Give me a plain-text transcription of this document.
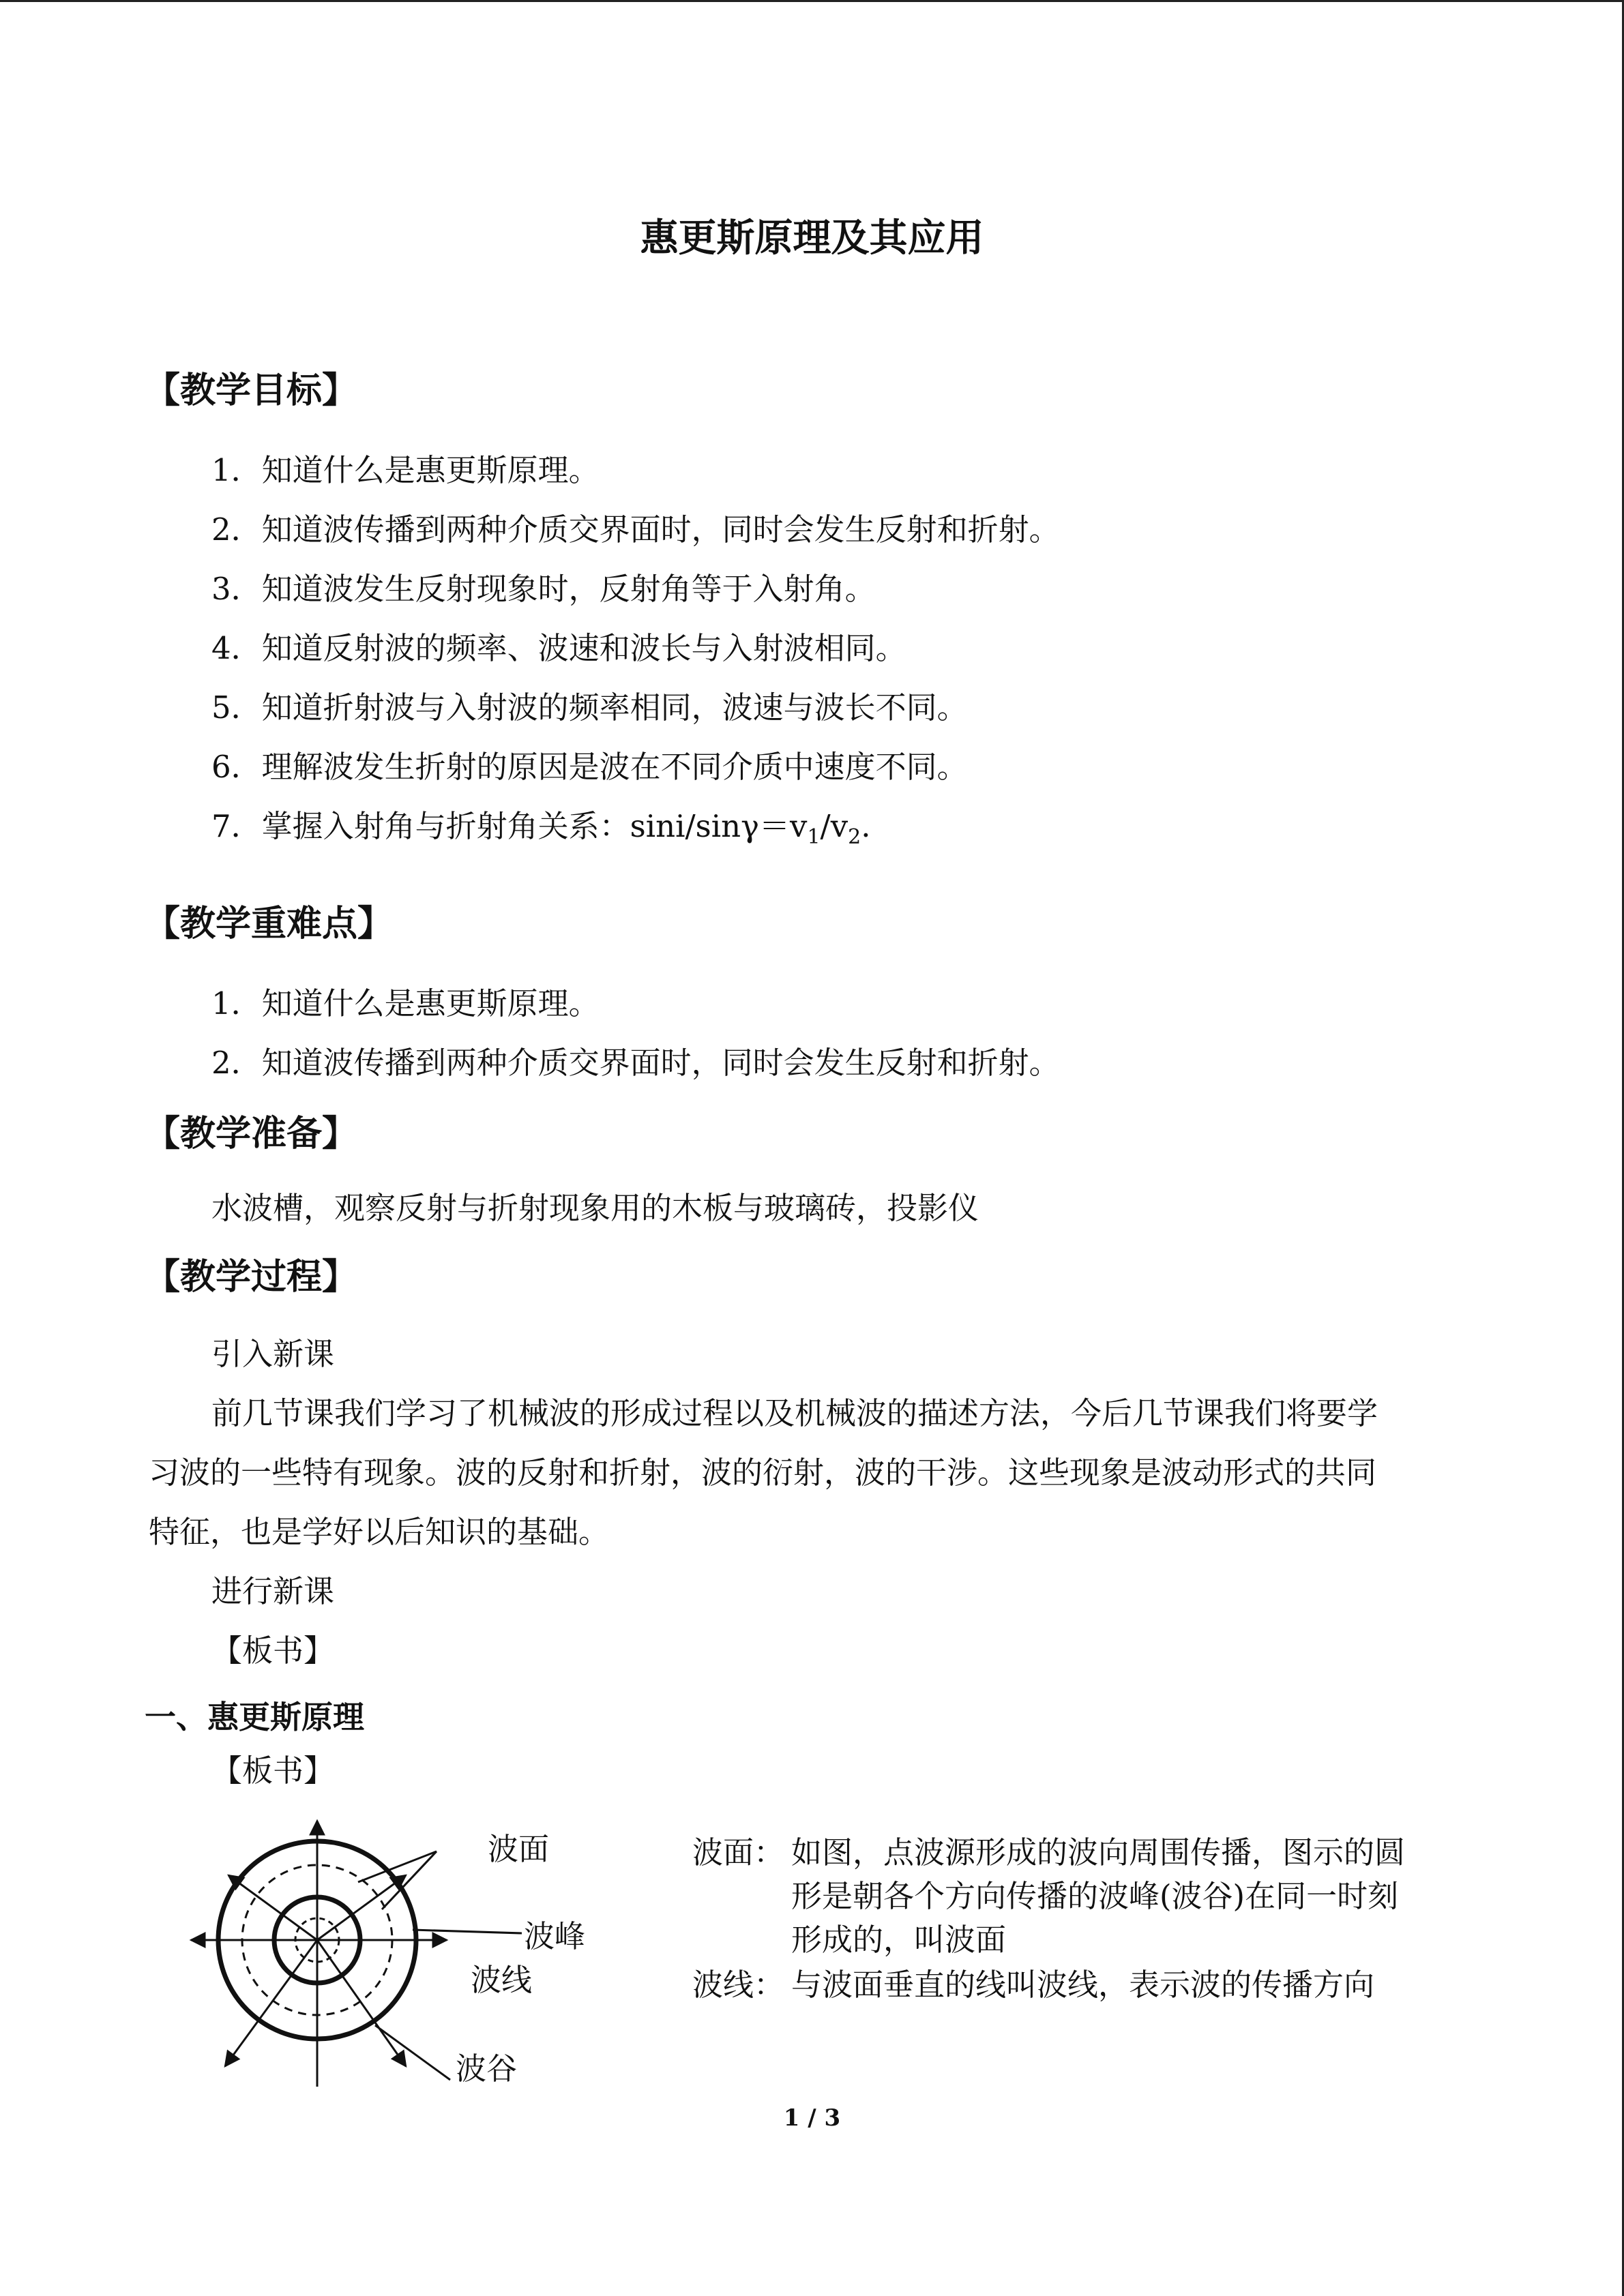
惠更斯原理及其应用
【教学目标】
1．知道什么是惠更斯原理。
2．知道波传播到两种介质交界面时，同时会发生反射和折射。
3．知道波发生反射现象时，反射角等于入射角。
4．知道反射波的频率、波速和波长与入射波相同。
5．知道折射波与入射波的频率相同，波速与波长不同。
6．理解波发生折射的原因是波在不同介质中速度不同。
7．掌握入射角与折射角关系：sini/$\sin\gamma=v_1/v_2$.
【教学重难点】
1．知道什么是惠更斯原理。
2．知道波传播到两种介质交界面时，同时会发生反射和折射。
【教学准备】
水波槽，观察反射与折射现象用的木板与玻璃砖，投影仪
【教学过程】
引入新课
前几节课我们学习了机械波的形成过程以及机械波的描述方法，今后几节课我们将要学
习波的一些特有现象。波的反射和折射，波的衍射，波的干涉。这些现象是波动形式的共同
特征，也是学好以后知识的基础。
进行新课
【板书】
一、惠更斯原理
【板书】
波面
波峰
波线
波谷
波面： 如图，点波源形成的波向周围传播，图示的圆
形是朝各个方向传播的波峰(波谷)在同一时刻
形成的，叫波面
波线： 与波面垂直的线叫波线，表示波的传播方向
1 / 3
